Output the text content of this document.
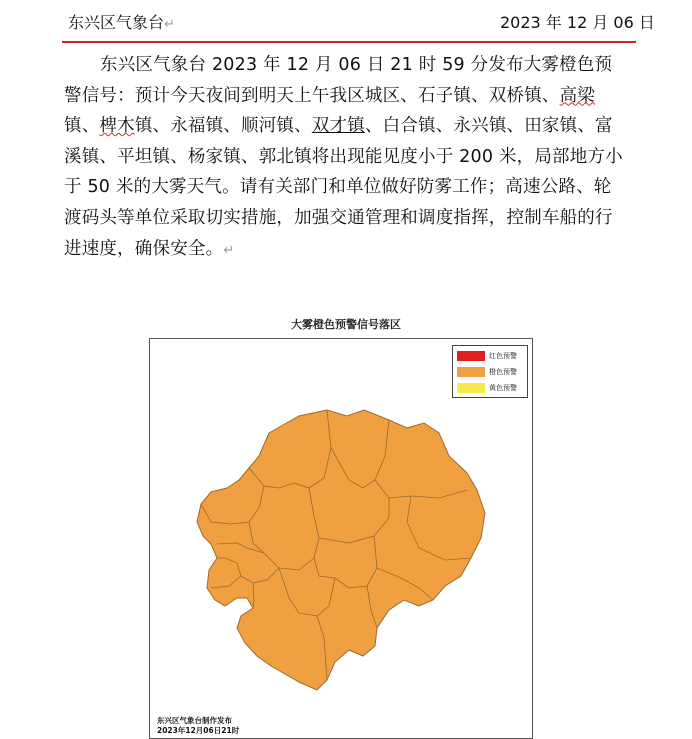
东兴区气象台↵	2023 年 12 月 06 日

东兴区气象台 2023 年 12 月 06 日 21 时 59 分发布大雾橙色预警信号：预计今天夜间到明天上午我区城区、石子镇、双桥镇、高梁镇、椑木镇、永福镇、顺河镇、双才镇、白合镇、永兴镇、田家镇、富溪镇、平坦镇、杨家镇、郭北镇将出现能见度小于 200 米，局部地方小于 50 米的大雾天气。请有关部门和单位做好防雾工作；高速公路、轮渡码头等单位采取切实措施，加强交通管理和调度指挥，控制车船的行进速度，确保安全。↵

大雾橙色预警信号落区
红色预警
橙色预警
黄色预警
东兴区气象台制作发布
2023年12月06日21时
